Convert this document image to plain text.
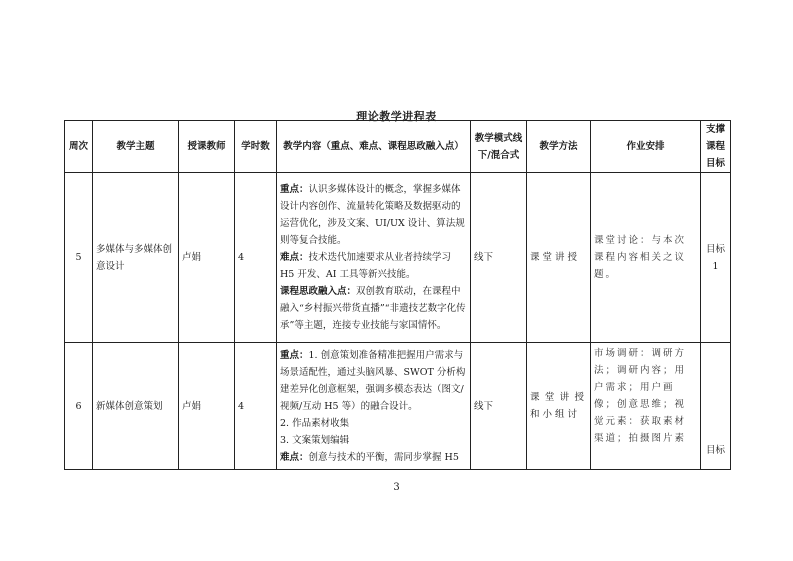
理论教学进程表
周次	教学主题	授课教师	学时数	教学内容（重点、难点、课程思政融入点）	教学模式线下/混合式	教学方法	作业安排	支撑课程目标
5	多媒体与多媒体创意设计	卢娟	4	重点：认识多媒体设计的概念，掌握多媒体设计内容创作、流量转化策略及数据驱动的运营优化，涉及文案、UI/UX 设计、算法规则等复合技能。
难点：技术迭代加速要求从业者持续学习 H5 开发、AI 工具等新兴技能。
课程思政融入点：双创教育联动，在课程中融入“乡村振兴带货直播”“非遗技艺数字化传承”等主题，连接专业技能与家国情怀。	线下	课堂讲授	课堂讨论：与本次课程内容相关之议题。	目标1
6	新媒体创意策划	卢娟	4	重点：1. 创意策划准备精准把握用户需求与场景适配性，通过头脑风暴、SWOT 分析构建差异化创意框架，强调多模态表达（图文/视频/互动 H5 等）的融合设计。

2. 作品素材收集
3. 文案策划编辑
难点：创意与技术的平衡，需同步掌握 H5	线下	课堂讲授和小组讨	市场调研：调研方法；调研内容；用户需求；用户画像；创意思维；视觉元素：获取素材渠道；拍摄图片素	目标
3
